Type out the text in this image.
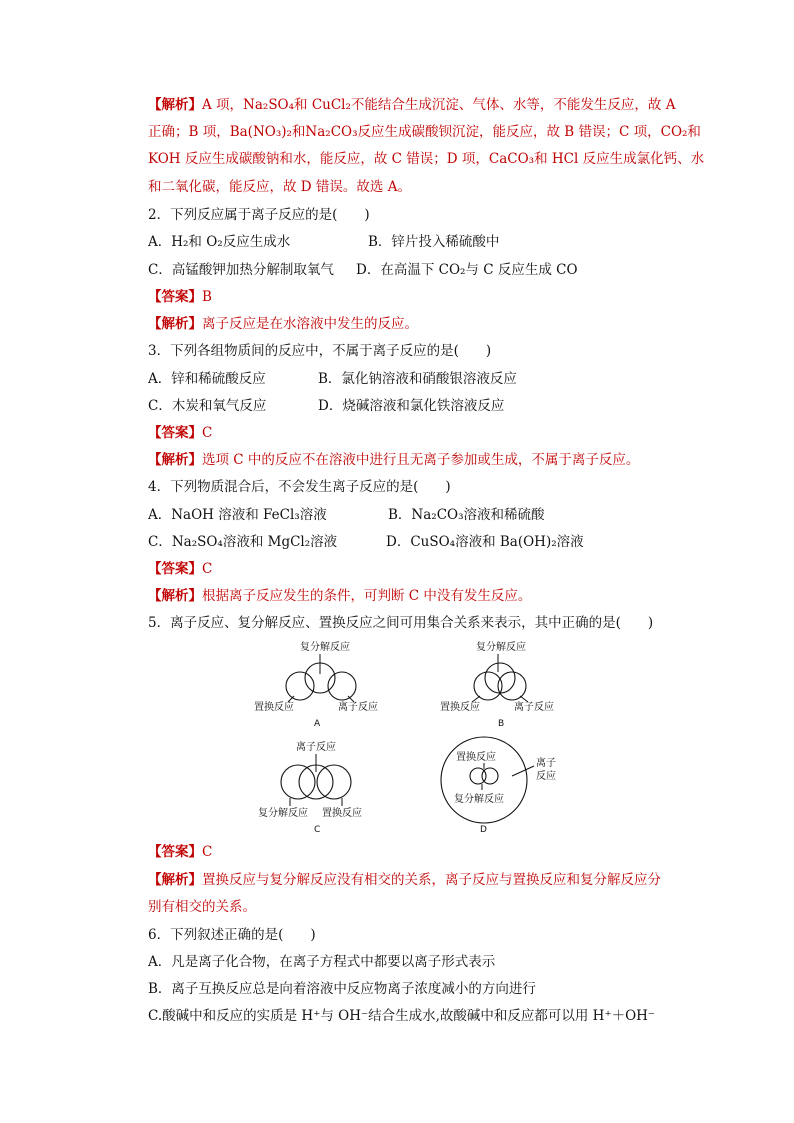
【解析】A 项，Na₂SO₄和 CuCl₂不能结合生成沉淀、气体、水等，不能发生反应，故 A
正确；B 项，Ba(NO₃)₂和Na₂CO₃反应生成碳酸钡沉淀，能反应，故 B 错误；C 项，CO₂和
KOH 反应生成碳酸钠和水，能反应，故 C 错误；D 项，CaCO₃和 HCl 反应生成氯化钙、水
和二氧化碳，能反应，故 D 错误。故选 A。
2．下列反应属于离子反应的是(　　)
A．H₂和 O₂反应生成水	B．锌片投入稀硫酸中
C．高锰酸钾加热分解制取氧气 D．在高温下 CO₂与 C 反应生成 CO
【答案】B
【解析】离子反应是在水溶液中发生的反应。
3．下列各组物质间的反应中，不属于离子反应的是(　　)
A．锌和稀硫酸反应	B．氯化钠溶液和硝酸银溶液反应
C．木炭和氧气反应	D．烧碱溶液和氯化铁溶液反应
【答案】C
【解析】选项 C 中的反应不在溶液中进行且无离子参加或生成，不属于离子反应。
4．下列物质混合后，不会发生离子反应的是(　　)
A．NaOH 溶液和 FeCl₃溶液	B．Na₂CO₃溶液和稀硫酸
C．Na₂SO₄溶液和 MgCl₂溶液	D．CuSO₄溶液和 Ba(OH)₂溶液
【答案】C
【解析】根据离子反应发生的条件，可判断 C 中没有发生反应。
5．离子反应、复分解反应、置换反应之间可用集合关系来表示，其中正确的是(　　)
复分解反应
置换反应	离子反应
A
复分解反应
置换反应	离子反应
B
离子反应
复分解反应 置换反应
C
置换反应
复分解反应
离子
反应
D
【答案】C
【解析】置换反应与复分解反应没有相交的关系，离子反应与置换反应和复分解反应分
别有相交的关系。
6．下列叙述正确的是(　　)
A．凡是离子化合物，在离子方程式中都要以离子形式表示
B．离子互换反应总是向着溶液中反应物离子浓度减小的方向进行
C.酸碱中和反应的实质是 H⁺与 OH⁻结合生成水,故酸碱中和反应都可以用 H⁺＋OH⁻
